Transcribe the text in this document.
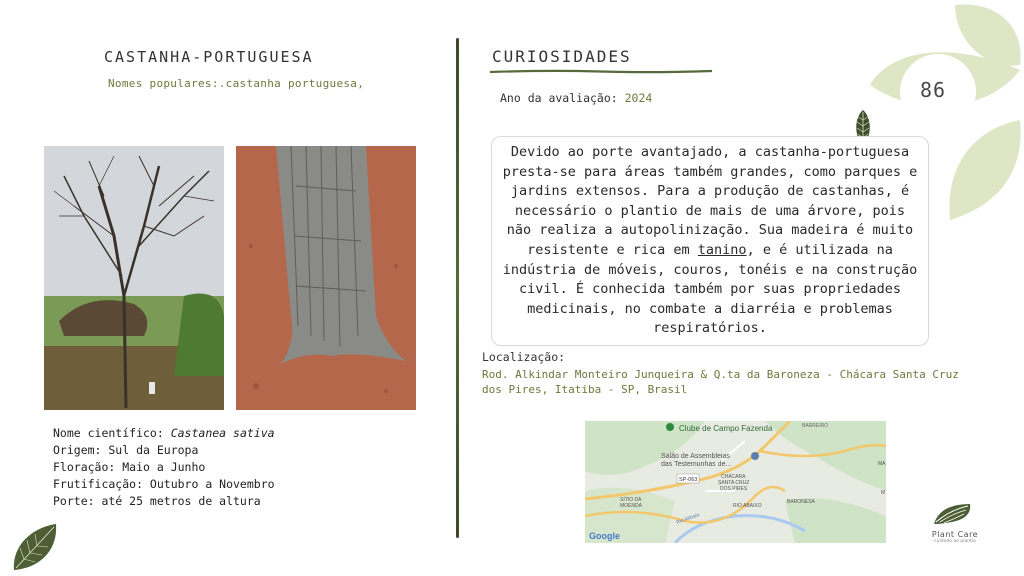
CASTANHA-PORTUGUESA
Nomes populares:.castanha portuguesa,
Nome científico: Castanea sativa
Origem: Sul da Europa
Floração: Maio a Junho
Frutificação: Outubro a Novembro
Porte: até 25 metros de altura
CURIOSIDADES
Ano da avaliação: 2024	86

Devido ao porte avantajado, a castanha-portuguesa presta-se para áreas também grandes, como parques e jardins extensos. Para a produção de castanhas, é necessário o plantio de mais de uma árvore, pois não realiza a autopolinização. Sua madeira é muito resistente e rica em tanino, e é utilizada na indústria de móveis, couros, tonéis e na construção civil. É conhecida também por suas propriedades medicinais, no combate a diarréia e problemas respiratórios.

Localização:
Rod. Alkindar Monteiro Junqueira & Q.ta da Baroneza - Chácara Santa Cruz dos Pires, Itatiba - SP, Brasil
Clube de Campo Fazenda	BARREIRO
Salão de Assembleias
das Testemunhas de...
SP-063	CHÁCARA
SANTA CRUZ
DOS PIRES
SÍTIO DA
MOENDA
Rio Atibaia
RIO ABAIXO
BARONESA
MA
M
Google	Plant Care
cuidado ao plantio
